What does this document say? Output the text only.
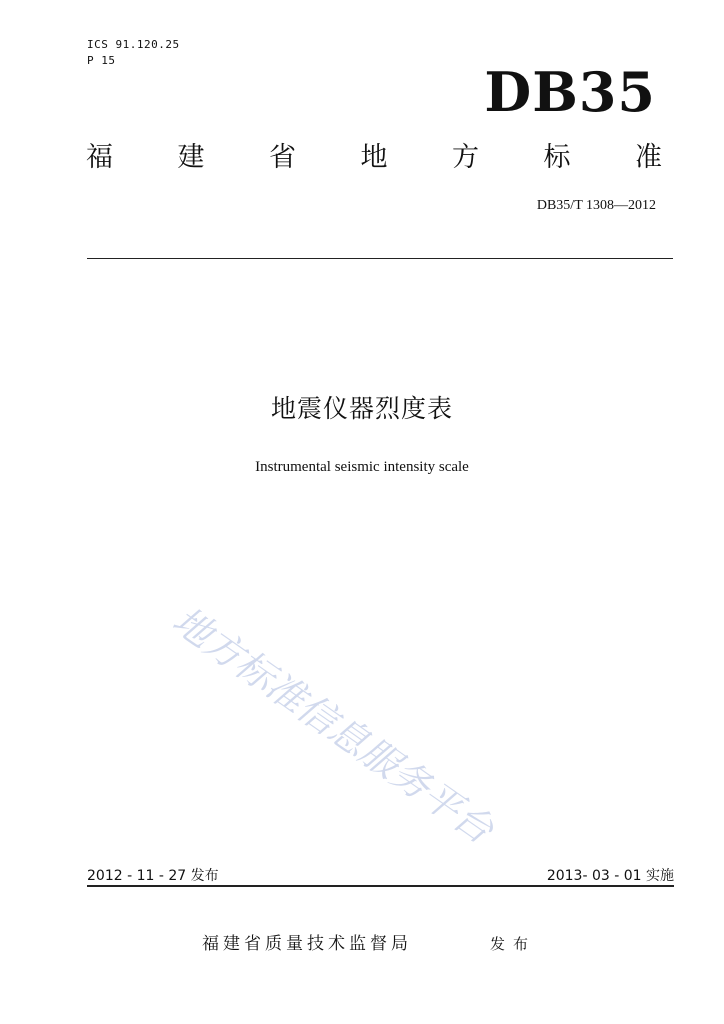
ICS 91.120.25
P 15	DB35
福 建 省 地 方 标 准
DB35/T 1308—2012
地震仪器烈度表
Instrumental seismic intensity scale
地方标准信息服务平台
2012 - 11 - 27 发布	2013- 03 - 01 实施
福建省质量技术监督局	发布
